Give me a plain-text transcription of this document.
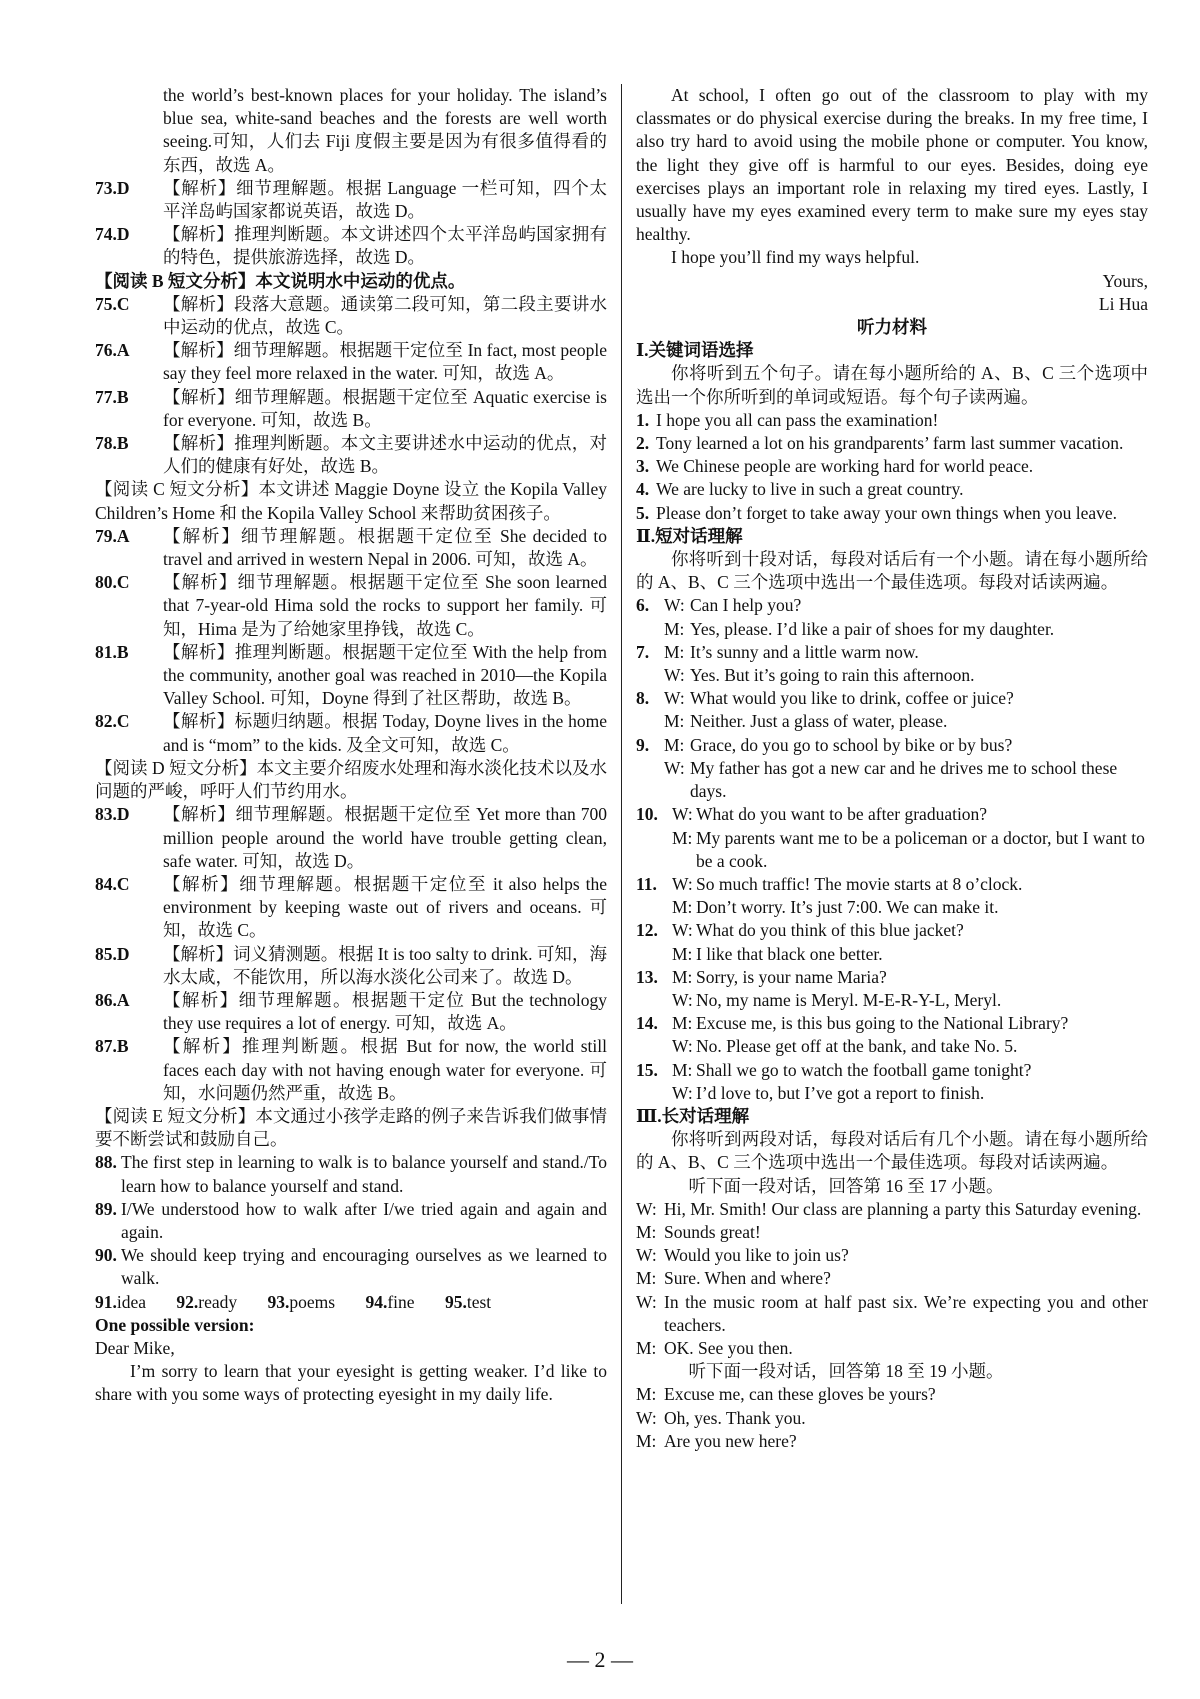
the world’s best-known places for your holiday. The island’s blue sea, white-sand beaches and the forests are well worth seeing.可知，人们去 Fiji 度假主要是因为有很多值得看的东西，故选 A。
73.D 【解析】细节理解题。根据 Language 一栏可知，四个太平洋岛屿国家都说英语，故选 D。
74.D 【解析】推理判断题。本文讲述四个太平洋岛屿国家拥有的特色，提供旅游选择，故选 D。
【阅读 B 短文分析】本文说明水中运动的优点。
75.C 【解析】段落大意题。通读第二段可知，第二段主要讲水中运动的优点，故选 C。
76.A 【解析】细节理解题。根据题干定位至 In fact, most people say they feel more relaxed in the water. 可知，故选 A。
77.B 【解析】细节理解题。根据题干定位至 Aquatic exercise is for everyone. 可知，故选 B。
78.B 【解析】推理判断题。本文主要讲述水中运动的优点，对人们的健康有好处，故选 B。
【阅读 C 短文分析】本文讲述 Maggie Doyne 设立 the Kopila Valley Children’s Home 和 the Kopila Valley School 来帮助贫困孩子。
79.A 【解析】细节理解题。根据题干定位至 She decided to travel and arrived in western Nepal in 2006. 可知，故选 A。
80.C 【解析】细节理解题。根据题干定位至 She soon learned that 7-year-old Hima sold the rocks to support her family. 可知，Hima 是为了给她家里挣钱，故选 C。
81.B 【解析】推理判断题。根据题干定位至 With the help from the community, another goal was reached in 2010—the Kopila Valley School. 可知，Doyne 得到了社区帮助，故选 B。
82.C 【解析】标题归纳题。根据 Today, Doyne lives in the home and is “mom” to the kids. 及全文可知，故选 C。
【阅读 D 短文分析】本文主要介绍废水处理和海水淡化技术以及水问题的严峻，呼吁人们节约用水。
83.D 【解析】细节理解题。根据题干定位至 Yet more than 700 million people around the world have trouble getting clean, safe water. 可知，故选 D。
84.C 【解析】细节理解题。根据题干定位至 it also helps the environment by keeping waste out of rivers and oceans. 可知，故选 C。
85.D 【解析】词义猜测题。根据 It is too salty to drink. 可知，海水太咸，不能饮用，所以海水淡化公司来了。故选 D。
86.A 【解析】细节理解题。根据题干定位 But the technology they use requires a lot of energy. 可知，故选 A。
87.B 【解析】推理判断题。根据 But for now, the world still faces each day with not having enough water for everyone. 可知，水问题仍然严重，故选 B。
【阅读 E 短文分析】本文通过小孩学走路的例子来告诉我们做事情要不断尝试和鼓励自己。
88. The first step in learning to walk is to balance yourself and stand./To learn how to balance yourself and stand.
89. I/We understood how to walk after I/we tried again and again and again.
90. We should keep trying and encouraging ourselves as we learned to walk.
91.idea 92.ready 93.poems 94.fine 95.test
One possible version:
Dear Mike,
I’m sorry to learn that your eyesight is getting weaker. I’d like to share with you some ways of protecting eyesight in my daily life.
At school, I often go out of the classroom to play with my classmates or do physical exercise during the breaks. In my free time, I also try hard to avoid using the mobile phone or computer. You know, the light they give off is harmful to our eyes. Besides, doing eye exercises plays an important role in relaxing my tired eyes. Lastly, I usually have my eyes examined every term to make sure my eyes stay healthy.
I hope you’ll find my ways helpful.
Yours,
Li Hua
听力材料
Ⅰ.关键词语选择
你将听到五个句子。请在每小题所给的 A、B、C 三个选项中选出一个你所听到的单词或短语。每个句子读两遍。
1. I hope you all can pass the examination!
2. Tony learned a lot on his grandparents’ farm last summer vacation.
3. We Chinese people are working hard for world peace.
4. We are lucky to live in such a great country.
5. Please don’t forget to take away your own things when you leave.
Ⅱ.短对话理解
你将听到十段对话，每段对话后有一个小题。请在每小题所给的 A、B、C 三个选项中选出一个最佳选项。每段对话读两遍。
6. W: Can I help you?
M: Yes, please. I’d like a pair of shoes for my daughter.
7. M: It’s sunny and a little warm now.
W: Yes. But it’s going to rain this afternoon.
8. W: What would you like to drink, coffee or juice?
M: Neither. Just a glass of water, please.
9. M: Grace, do you go to school by bike or by bus?
W: My father has got a new car and he drives me to school these days.
10. W: What do you want to be after graduation?
M: My parents want me to be a policeman or a doctor, but I want to be a cook.
11. W: So much traffic! The movie starts at 8 o’clock.
M: Don’t worry. It’s just 7:00. We can make it.
12. W: What do you think of this blue jacket?
M: I like that black one better.
13. M: Sorry, is your name Maria?
W: No, my name is Meryl. M-E-R-Y-L, Meryl.
14. M: Excuse me, is this bus going to the National Library?
W: No. Please get off at the bank, and take No. 5.
15. M: Shall we go to watch the football game tonight?
W: I’d love to, but I’ve got a report to finish.
Ⅲ.长对话理解
你将听到两段对话，每段对话后有几个小题。请在每小题所给的 A、B、C 三个选项中选出一个最佳选项。每段对话读两遍。
听下面一段对话，回答第 16 至 17 小题。
W: Hi, Mr. Smith! Our class are planning a party this Saturday evening.
M: Sounds great!
W: Would you like to join us?
M: Sure. When and where?
W: In the music room at half past six. We’re expecting you and other teachers.
M: OK. See you then.
听下面一段对话，回答第 18 至 19 小题。
M: Excuse me, can these gloves be yours?
W: Oh, yes. Thank you.
M: Are you new here?
— 2 —
